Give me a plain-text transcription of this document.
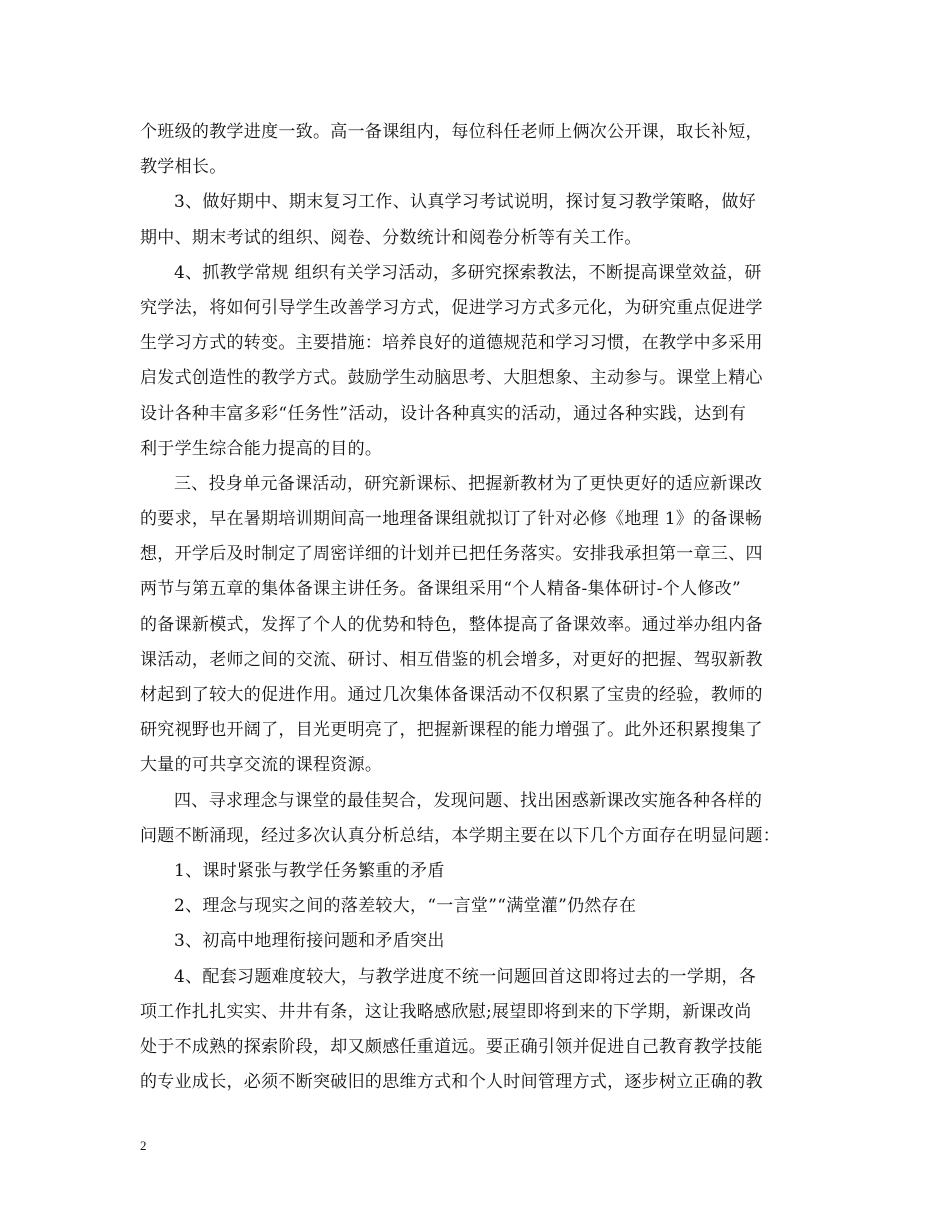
个班级的教学进度一致。高一备课组内，每位科任老师上俩次公开课，取长补短，
教学相长。
3、做好期中、期末复习工作、认真学习考试说明，探讨复习教学策略，做好
期中、期末考试的组织、阅卷、分数统计和阅卷分析等有关工作。
4、抓教学常规 组织有关学习活动，多研究探索教法，不断提高课堂效益，研
究学法，将如何引导学生改善学习方式，促进学习方式多元化，为研究重点促进学
生学习方式的转变。主要措施：培养良好的道德规范和学习习惯，在教学中多采用
启发式创造性的教学方式。鼓励学生动脑思考、大胆想象、主动参与。课堂上精心
设计各种丰富多彩“任务性”活动，设计各种真实的活动，通过各种实践，达到有
利于学生综合能力提高的目的。
三、投身单元备课活动，研究新课标、把握新教材为了更快更好的适应新课改
的要求，早在暑期培训期间高一地理备课组就拟订了针对必修《地理 1》的备课畅
想，开学后及时制定了周密详细的计划并已把任务落实。安排我承担第一章三、四
两节与第五章的集体备课主讲任务。备课组采用“个人精备-集体研讨-个人修改”
的备课新模式，发挥了个人的优势和特色，整体提高了备课效率。通过举办组内备
课活动，老师之间的交流、研讨、相互借鉴的机会增多，对更好的把握、驾驭新教
材起到了较大的促进作用。通过几次集体备课活动不仅积累了宝贵的经验，教师的
研究视野也开阔了，目光更明亮了，把握新课程的能力增强了。此外还积累搜集了
大量的可共享交流的课程资源。
四、寻求理念与课堂的最佳契合，发现问题、找出困惑新课改实施各种各样的
问题不断涌现，经过多次认真分析总结，本学期主要在以下几个方面存在明显问题：
1、课时紧张与教学任务繁重的矛盾
2、理念与现实之间的落差较大，“一言堂”“满堂灌”仍然存在
3、初高中地理衔接问题和矛盾突出
4、配套习题难度较大，与教学进度不统一问题回首这即将过去的一学期，各
项工作扎扎实实、井井有条，这让我略感欣慰;展望即将到来的下学期，新课改尚
处于不成熟的探索阶段，却又颇感任重道远。要正确引领并促进自己教育教学技能
的专业成长，必须不断突破旧的思维方式和个人时间管理方式，逐步树立正确的教
2
